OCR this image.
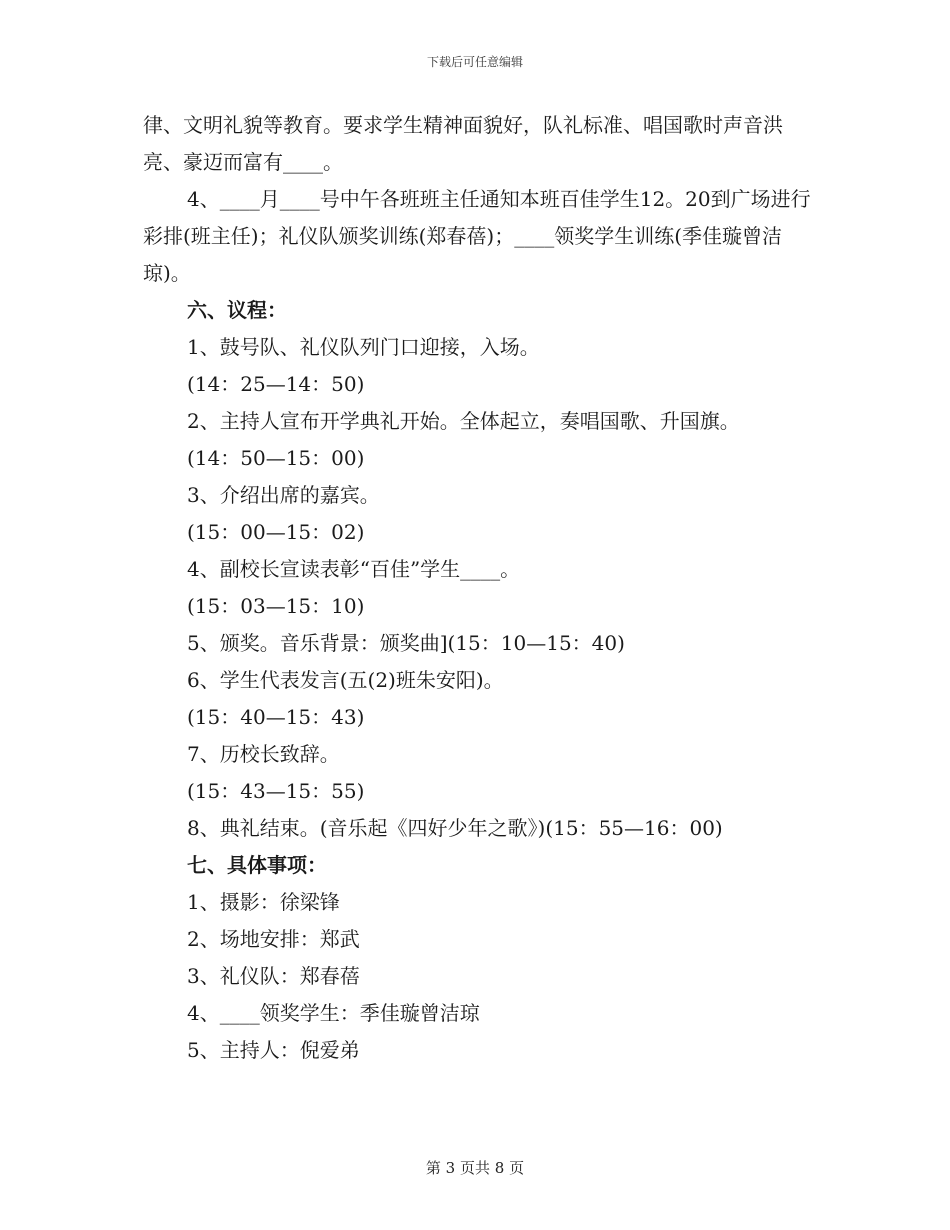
下载后可任意编辑

律、文明礼貌等教育。要求学生精神面貌好，队礼标准、唱国歌时声音洪亮、豪迈而富有____。

4、____月____号中午各班班主任通知本班百佳学生12。20到广场进行彩排(班主任)；礼仪队颁奖训练(郑春蓓)；____领奖学生训练(季佳璇曾洁琼)。

六、议程：

1、鼓号队、礼仪队列门口迎接，入场。

(14：25—14：50)

2、主持人宣布开学典礼开始。全体起立，奏唱国歌、升国旗。

(14：50—15：00)

3、介绍出席的嘉宾。

(15：00—15：02)

4、副校长宣读表彰“百佳”学生____。

(15：03—15：10)

5、颁奖。音乐背景：颁奖曲](15：10—15：40)

6、学生代表发言(五(2)班朱安阳)。

(15：40—15：43)

7、历校长致辞。

(15：43—15：55)

8、典礼结束。(音乐起《四好少年之歌》)(15：55—16：00)

七、具体事项：

1、摄影：徐梁锋

2、场地安排：郑武

3、礼仪队：郑春蓓

4、____领奖学生：季佳璇曾洁琼

5、主持人：倪爱弟

第 3 页共 8 页
